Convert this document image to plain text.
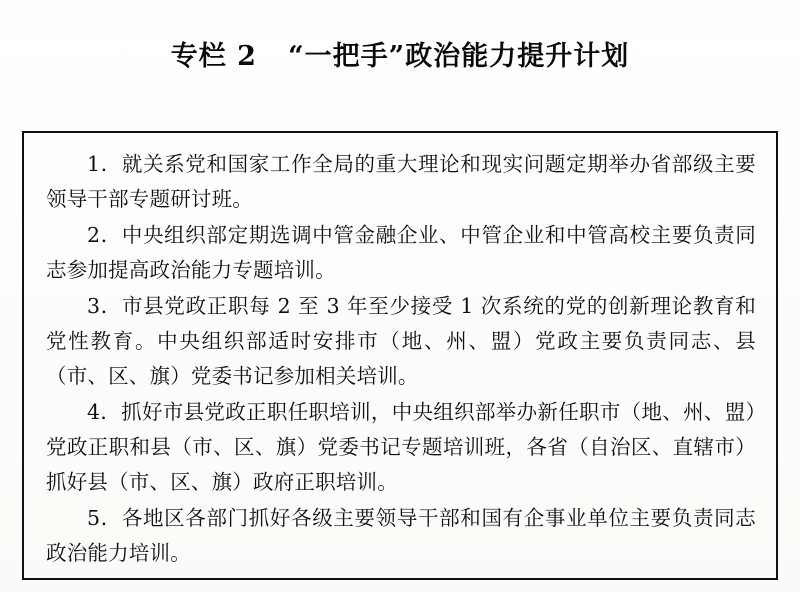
专栏 2   “一把手”政治能力提升计划

1．就关系党和国家工作全局的重大理论和现实问题定期举办省部级主要领导干部专题研讨班。

2．中央组织部定期选调中管金融企业、中管企业和中管高校主要负责同志参加提高政治能力专题培训。

3．市县党政正职每 2 至 3 年至少接受 1 次系统的党的创新理论教育和党性教育。中央组织部适时安排市（地、州、盟）党政主要负责同志、县（市、区、旗）党委书记参加相关培训。

4．抓好市县党政正职任职培训，中央组织部举办新任职市（地、州、盟）党政正职和县（市、区、旗）党委书记专题培训班，各省（自治区、直辖市）抓好县（市、区、旗）政府正职培训。

5．各地区各部门抓好各级主要领导干部和国有企事业单位主要负责同志政治能力培训。
